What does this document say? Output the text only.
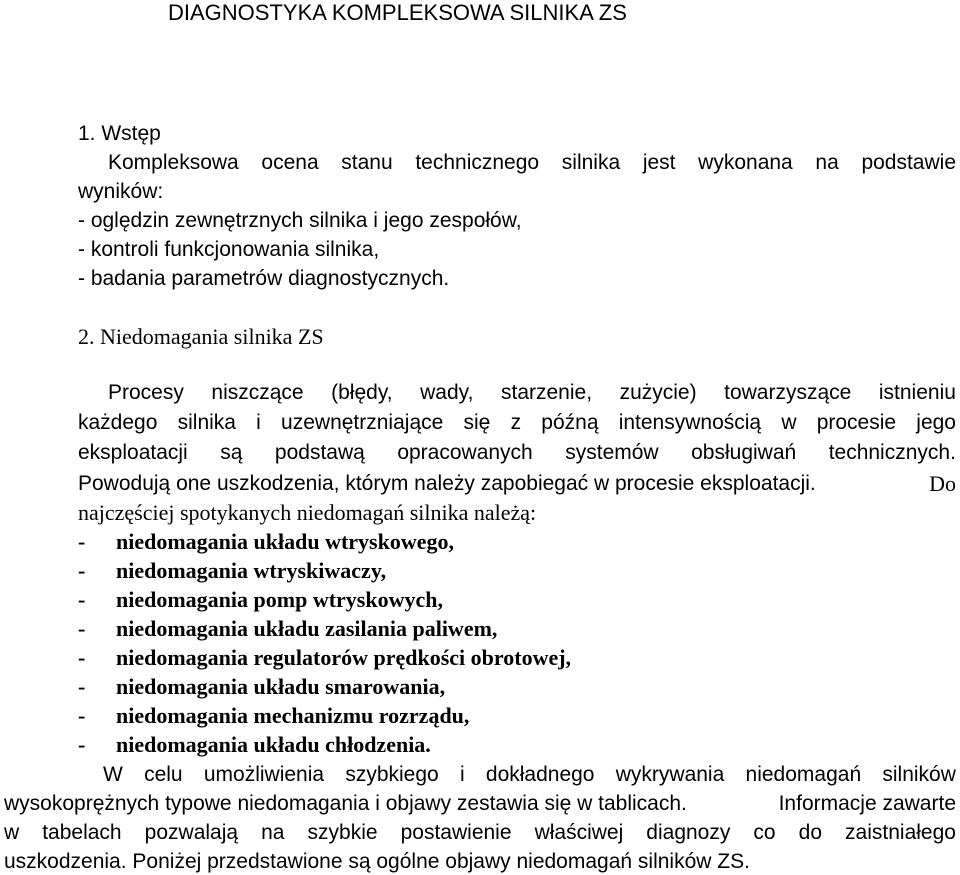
DIAGNOSTYKA KOMPLEKSOWA SILNIKA ZS
1. Wstęp
Kompleksowa ocena stanu technicznego silnika jest wykonana na podstawie
wyników:
- oględzin zewnętrznych silnika i jego zespołów,
- kontroli funkcjonowania silnika,
- badania parametrów diagnostycznych.
2. Niedomagania silnika ZS
Procesy niszczące (błędy, wady, starzenie, zużycie) towarzyszące istnieniu
każdego silnika i uzewnętrzniające się z późną intensywnością w procesie jego
eksploatacji są podstawą opracowanych systemów obsługiwań technicznych.
Powodują one uszkodzenia, którym należy zapobiegać w procesie eksploatacji.	Do
najczęściej spotykanych niedomagań silnika należą:
- niedomagania układu wtryskowego,
- niedomagania wtryskiwaczy,
- niedomagania pomp wtryskowych,
- niedomagania układu zasilania paliwem,
- niedomagania regulatorów prędkości obrotowej,
- niedomagania układu smarowania,
- niedomagania mechanizmu rozrządu,
- niedomagania układu chłodzenia.
W celu umożliwienia szybkiego i dokładnego wykrywania niedomagań silników
wysokoprężnych typowe niedomagania i objawy zestawia się w tablicach.	Informacje zawarte
w tabelach pozwalają na szybkie postawienie właściwej diagnozy co do zaistniałego
uszkodzenia. Poniżej przedstawione są ogólne objawy niedomagań silników ZS.
